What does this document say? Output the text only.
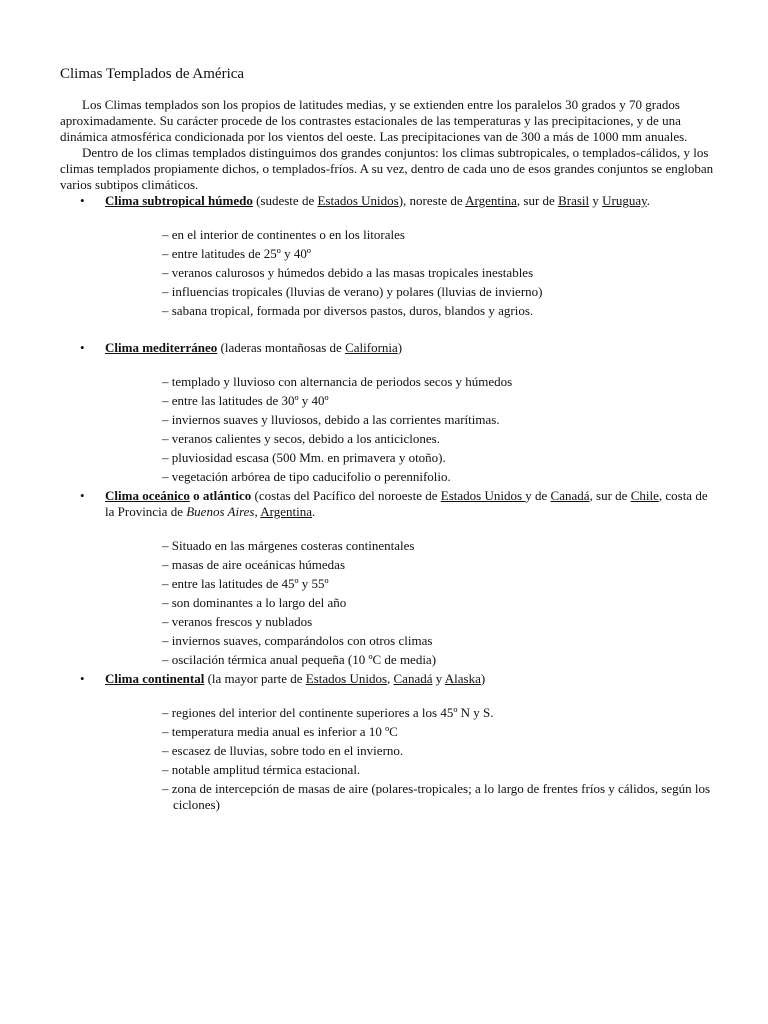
Climas Templados de América

Los Climas templados son los propios de latitudes medias, y se extienden entre los paralelos 30 grados y 70 grados aproximadamente. Su carácter procede de los contrastes estacionales de las temperaturas y las precipitaciones, y de una dinámica atmosférica condicionada por los vientos del oeste. Las precipitaciones van de 300 a más de 1000 mm anuales.

Dentro de los climas templados distinguimos dos grandes conjuntos: los climas subtropicales, o templados-cálidos, y los climas templados propiamente dichos, o templados-fríos. A su vez, dentro de cada uno de esos grandes conjuntos se engloban varios subtipos climáticos.

• Clima subtropical húmedo (sudeste de Estados Unidos), noreste de Argentina, sur de Brasil y Uruguay.
– en el interior de continentes o en los litorales
– entre latitudes de 25º y 40º
– veranos calurosos y húmedos debido a las masas tropicales inestables
– influencias tropicales (lluvias de verano) y polares (lluvias de invierno)
– sabana tropical, formada por diversos pastos, duros, blandos y agrios.
• Clima mediterráneo (laderas montañosas de California)
– templado y lluvioso con alternancia de periodos secos y húmedos
– entre las latitudes de 30º y 40º
– inviernos suaves y lluviosos, debido a las corrientes marítimas.
– veranos calientes y secos, debido a los anticiclones.
– pluviosidad escasa (500 Mm. en primavera y otoño).
– vegetación arbórea de tipo caducifolio o perennifolio.
• Clima oceánico o atlántico (costas del Pacífico del noroeste de Estados Unidos y de Canadá, sur de Chile, costa de la Provincia de Buenos Aires, Argentina.
– Situado en las márgenes costeras continentales
– masas de aire oceánicas húmedas
– entre las latitudes de 45º y 55º
– son dominantes a lo largo del año
– veranos frescos y nublados
– inviernos suaves, comparándolos con otros climas
– oscilación térmica anual pequeña (10 ºC de media)
• Clima continental (la mayor parte de Estados Unidos, Canadá y Alaska)
– regiones del interior del continente superiores a los 45º N y S.
– temperatura media anual es inferior a 10 ºC
– escasez de lluvias, sobre todo en el invierno.
– notable amplitud térmica estacional.
– zona de intercepción de masas de aire (polares-tropicales; a lo largo de frentes fríos y cálidos, según los ciclones)
